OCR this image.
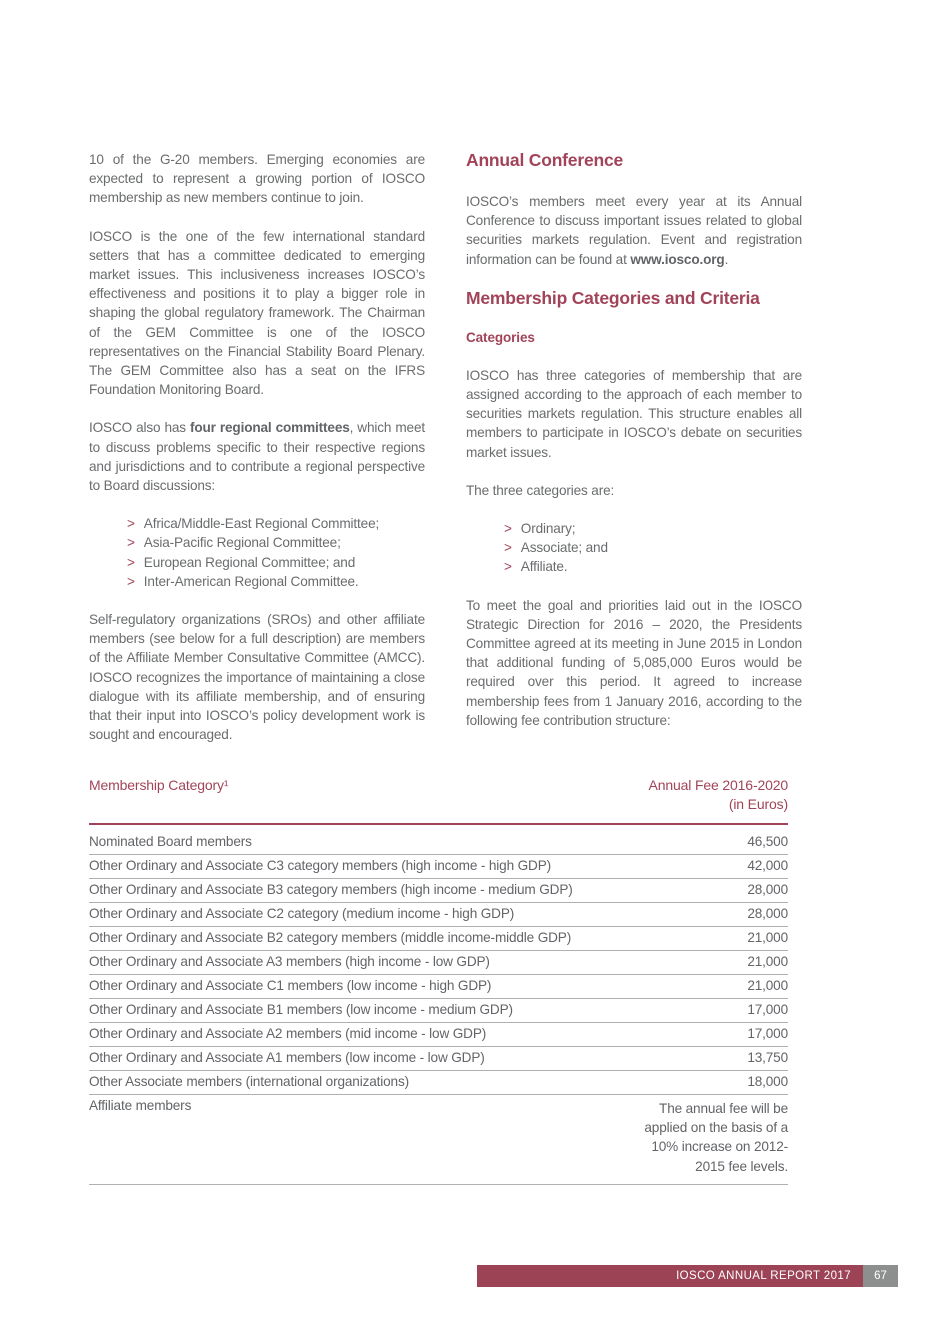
10 of the G-20 members. Emerging economies are expected to represent a growing portion of IOSCO membership as new members continue to join.

IOSCO is the one of the few international standard setters that has a committee dedicated to emerging market issues. This inclusiveness increases IOSCO’s effectiveness and positions it to play a bigger role in shaping the global regulatory framework. The Chairman of the GEM Committee is one of the IOSCO representatives on the Financial Stability Board Plenary. The GEM Committee also has a seat on the IFRS Foundation Monitoring Board.

IOSCO also has four regional committees, which meet to discuss problems specific to their respective regions and jurisdictions and to contribute a regional perspective to Board discussions:

> Africa/Middle-East Regional Committee;
> Asia-Pacific Regional Committee;
> European Regional Committee; and
> Inter-American Regional Committee.

Self-regulatory organizations (SROs) and other affiliate members (see below for a full description) are members of the Affiliate Member Consultative Committee (AMCC). IOSCO recognizes the importance of maintaining a close dialogue with its affiliate membership, and of ensuring that their input into IOSCO’s policy development work is sought and encouraged.

Annual Conference

IOSCO’s members meet every year at its Annual Conference to discuss important issues related to global securities markets regulation. Event and registration information can be found at www.iosco.org.

Membership Categories and Criteria
Categories

IOSCO has three categories of membership that are assigned according to the approach of each member to securities markets regulation. This structure enables all members to participate in IOSCO’s debate on securities market issues.

The three categories are:

> Ordinary;
> Associate; and
> Affiliate.

To meet the goal and priorities laid out in the IOSCO Strategic Direction for 2016 – 2020, the Presidents Committee agreed at its meeting in June 2015 in London that additional funding of 5,085,000 Euros would be required over this period. It agreed to increase membership fees from 1 January 2016, according to the following fee contribution structure:

Membership Category¹	Annual Fee 2016-2020
(in Euros)

Nominated Board members	46,500
Other Ordinary and Associate C3 category members (high income - high GDP)	42,000
Other Ordinary and Associate B3 category members (high income - medium GDP)	28,000
Other Ordinary and Associate C2 category (medium income - high GDP)	28,000
Other Ordinary and Associate B2 category members (middle income-middle GDP)	21,000
Other Ordinary and Associate A3 members (high income - low GDP)	21,000
Other Ordinary and Associate C1 members (low income - high GDP)	21,000
Other Ordinary and Associate B1 members (low income - medium GDP)	17,000
Other Ordinary and Associate A2 members (mid income - low GDP)	17,000
Other Ordinary and Associate A1 members (low income - low GDP)	13,750
Other Associate members (international organizations)	18,000
Affiliate members	The annual fee will be applied on the basis of a 10% increase on 2012-2015 fee levels.
IOSCO ANNUAL REPORT 2017	67
